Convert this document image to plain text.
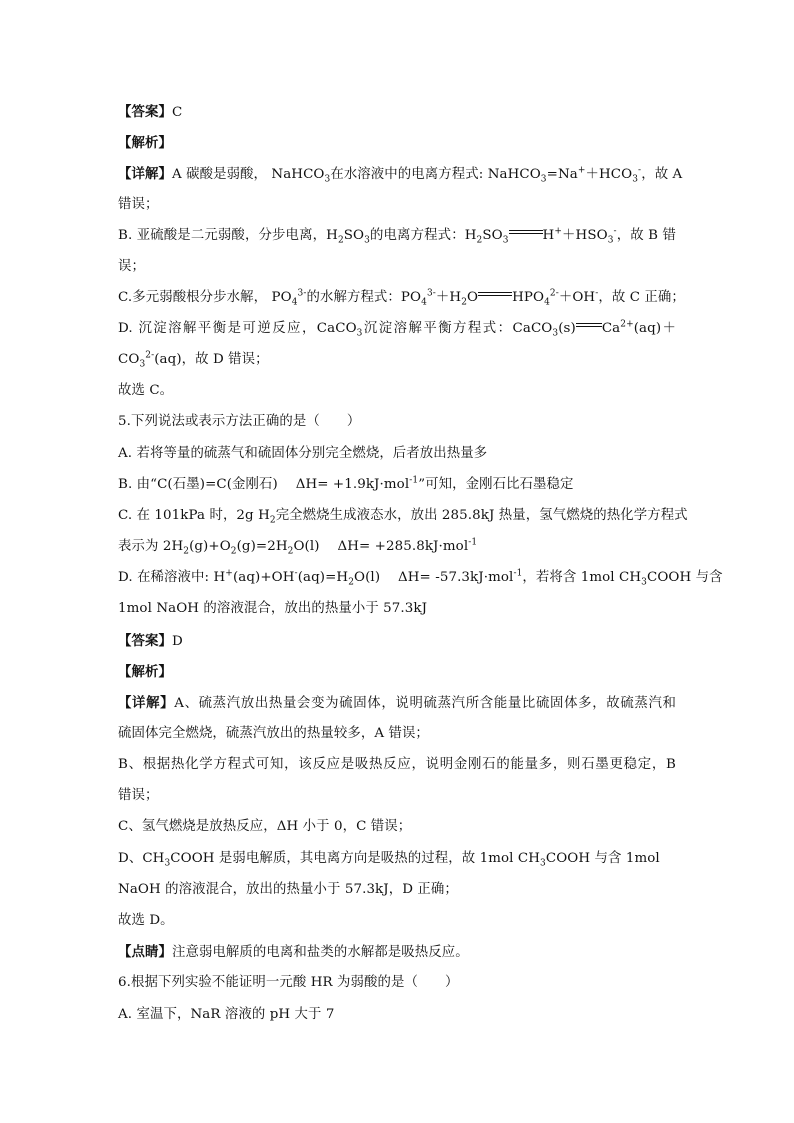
【答案】C
【解析】
【详解】A 碳酸是弱酸， NaHCO$_3$在水溶液中的电离方程式: $NaHCO_3=Na^++HCO_3^-$，故 A
错误；
B. 亚硫酸是二元弱酸，分步电离，$H_2SO_3$的电离方程式：$H_2SO_3$	$H^++HSO_3^-$，故 B 错
误；
C.多元弱酸根分步水解， $PO_4^{3-}$的水解方程式：$PO_4^{3-}+H_2O$	$HPO_4^{2-}+OH^-$，故 C 正确；
D. 沉淀溶解平衡是可逆反应，CaCO$_3$沉淀溶解平衡方程式：CaCO$_3$(s) $Ca^{2+}(aq)+$
$CO_3^{2-}(aq)$，故 D 错误；
故选 C。
5.下列说法或表示方法正确的是（　　）
A. 若将等量的硫蒸气和硫固体分别完全燃烧，后者放出热量多
B. 由“C(石墨)=C(金刚石)　 ΔH= +1.9kJ·mol$^{-1}$”可知，金刚石比石墨稳定
C. 在 101kPa 时，2g $H_2$完全燃烧生成液态水，放出 285.8kJ 热量，氢气燃烧的热化学方程式
表示为 $2H_2(g)+O_2(g)=2H_2O(l)$　 ΔH= +285.8kJ·mol$^{-1}$
D. 在稀溶液中: $H^+(aq)+OH^-(aq)=H_2O(l)$　 ΔH= -57.3kJ·mol$^{-1}$，若将含 1mol $CH_3COOH$ 与含
1mol NaOH 的溶液混合，放出的热量小于 57.3kJ
【答案】D
【解析】
【详解】A、硫蒸汽放出热量会变为硫固体，说明硫蒸汽所含能量比硫固体多，故硫蒸汽和
硫固体完全燃烧，硫蒸汽放出的热量较多，A 错误；
B、根据热化学方程式可知，该反应是吸热反应，说明金刚石的能量多，则石墨更稳定，B
错误；
C、氢气燃烧是放热反应，ΔH 小于 0，C 错误；
D、$CH_3COOH$ 是弱电解质，其电离方向是吸热的过程，故 1mol $CH_3COOH$ 与含 1mol
NaOH 的溶液混合，放出的热量小于 57.3kJ，D 正确；
故选 D。
【点睛】注意弱电解质的电离和盐类的水解都是吸热反应。
6.根据下列实验不能证明一元酸 HR 为弱酸的是（　　）
A. 室温下，NaR 溶液的 pH 大于 7
